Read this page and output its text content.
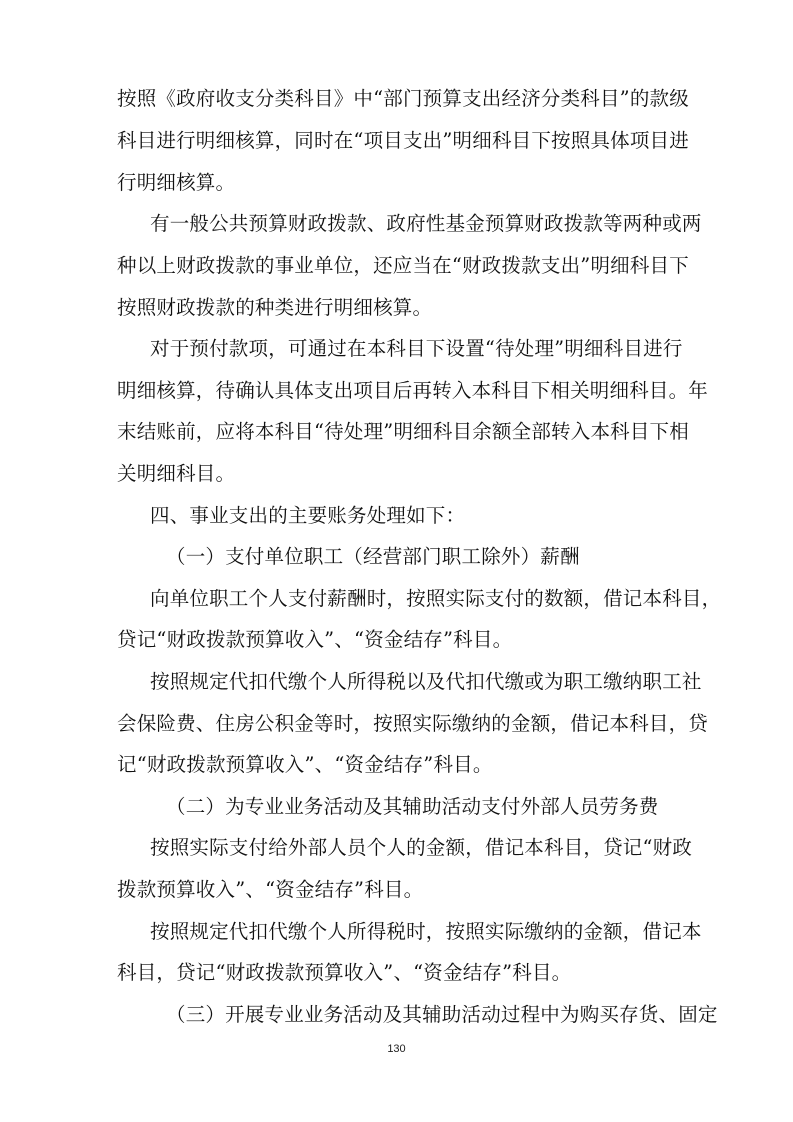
按照《政府收支分类科目》中“部门预算支出经济分类科目”的款级
科目进行明细核算，同时在“项目支出”明细科目下按照具体项目进
行明细核算。
有一般公共预算财政拨款、政府性基金预算财政拨款等两种或两
种以上财政拨款的事业单位，还应当在“财政拨款支出”明细科目下
按照财政拨款的种类进行明细核算。
对于预付款项，可通过在本科目下设置“待处理”明细科目进行
明细核算，待确认具体支出项目后再转入本科目下相关明细科目。年
末结账前，应将本科目“待处理”明细科目余额全部转入本科目下相
关明细科目。
四、事业支出的主要账务处理如下：
（一）支付单位职工（经营部门职工除外）薪酬
向单位职工个人支付薪酬时，按照实际支付的数额，借记本科目，
贷记“财政拨款预算收入”、“资金结存”科目。
按照规定代扣代缴个人所得税以及代扣代缴或为职工缴纳职工社
会保险费、住房公积金等时，按照实际缴纳的金额，借记本科目，贷
记“财政拨款预算收入”、“资金结存”科目。
（二）为专业业务活动及其辅助活动支付外部人员劳务费
按照实际支付给外部人员个人的金额，借记本科目，贷记“财政
拨款预算收入”、“资金结存”科目。
按照规定代扣代缴个人所得税时，按照实际缴纳的金额，借记本
科目，贷记“财政拨款预算收入”、“资金结存”科目。
（三）开展专业业务活动及其辅助活动过程中为购买存货、固定
130
